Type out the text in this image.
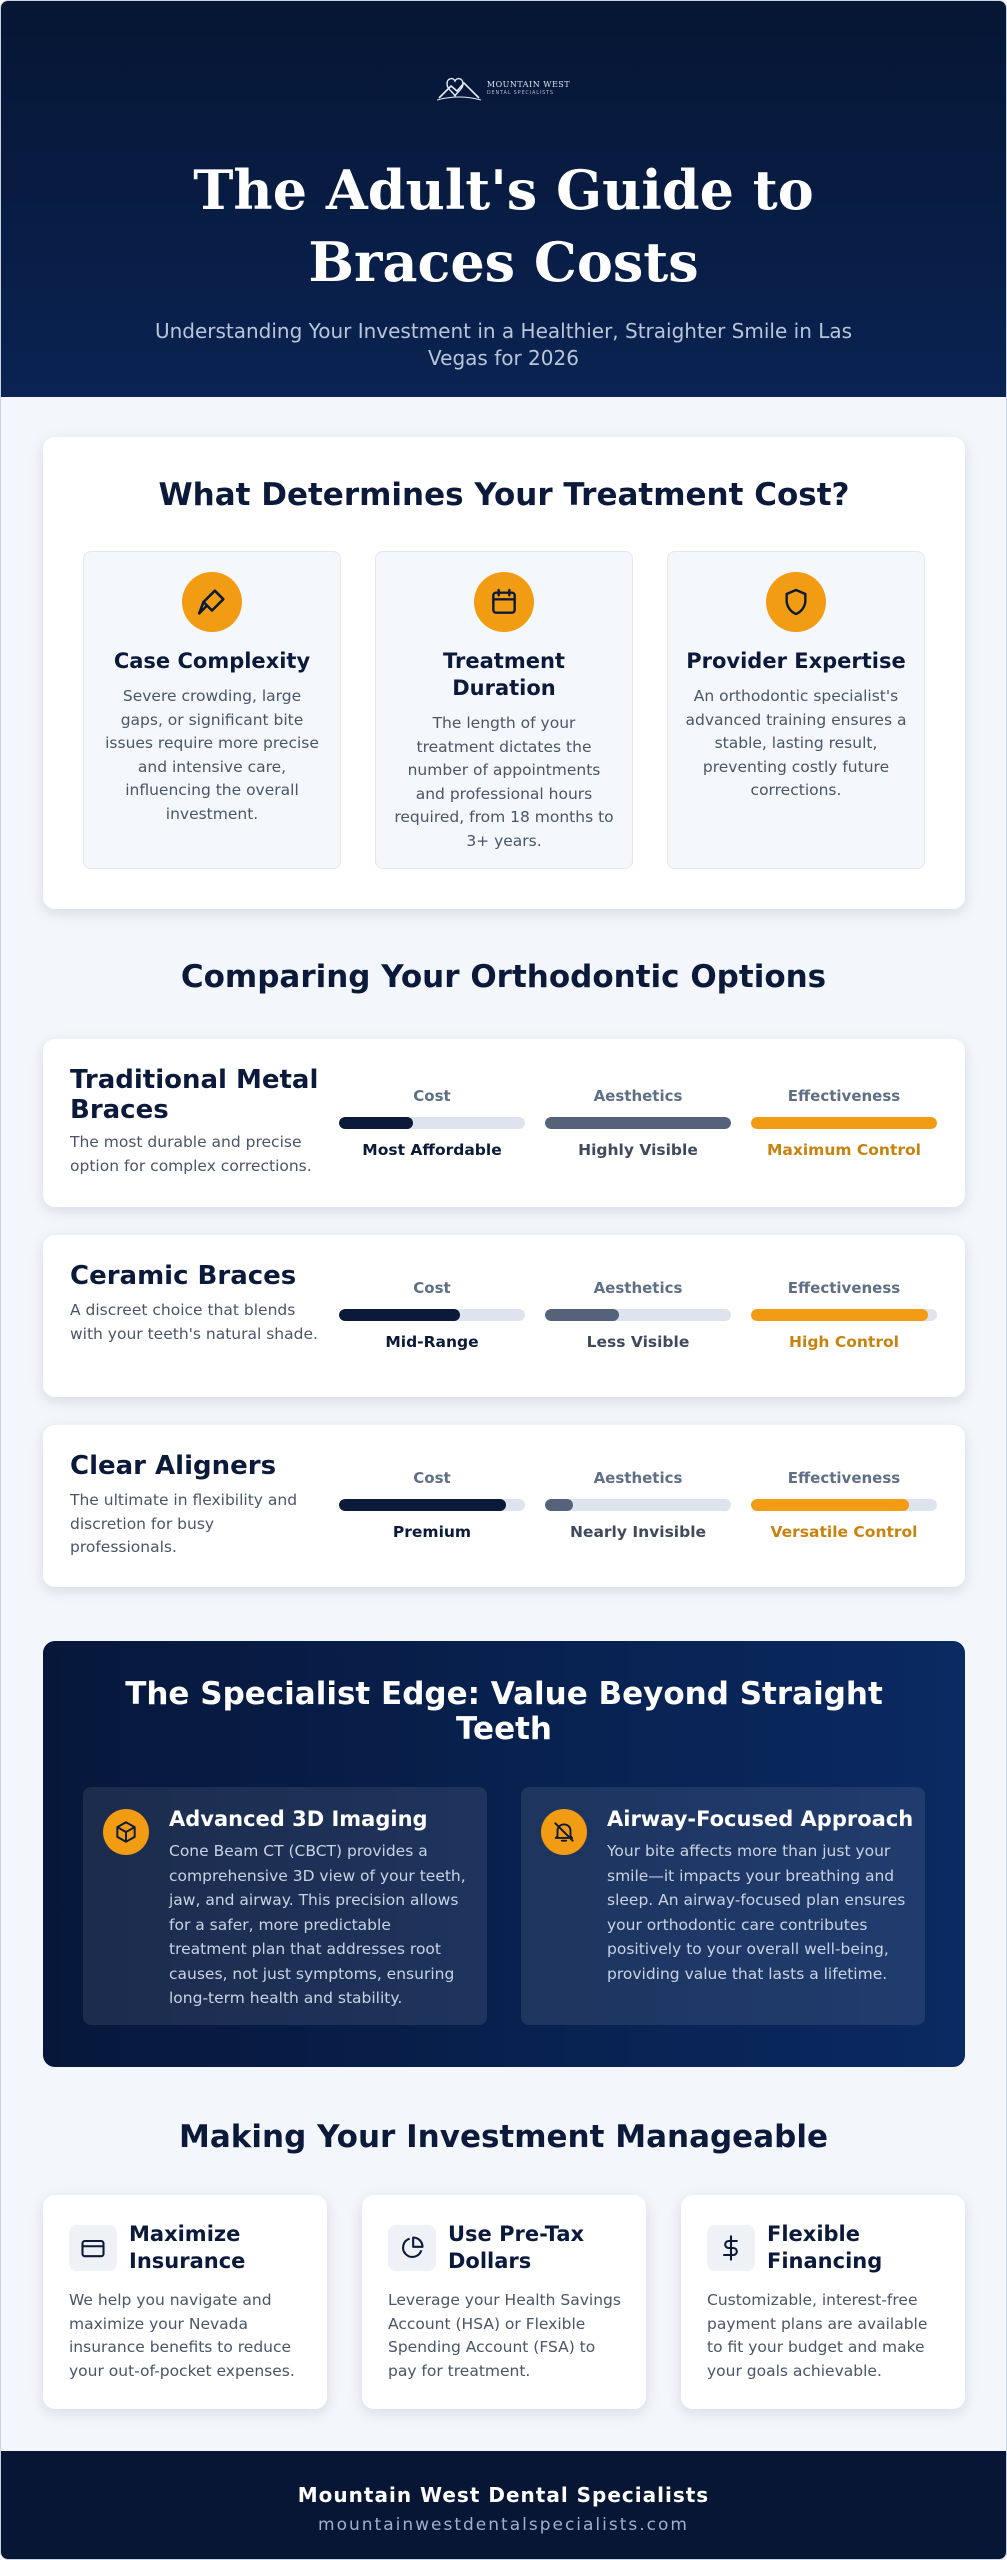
MOUNTAIN WEST
DENTAL SPECIALISTS
The Adult's Guide to Braces Costs

Understanding Your Investment in a Healthier, Straighter Smile in Las Vegas for 2026

What Determines Your Treatment Cost?
Case Complexity

Severe crowding, large gaps, or significant bite issues require more precise and intensive care, influencing the overall investment.

Treatment Duration

The length of your treatment dictates the number of appointments and professional hours required, from 18 months to 3+ years.

Provider Expertise

An orthodontic specialist's advanced training ensures a stable, lasting result, preventing costly future corrections.

Comparing Your Orthodontic Options
Traditional Metal Braces

The most durable and precise option for complex corrections.

Cost
Most Affordable
Aesthetics
Highly Visible
Effectiveness
Maximum Control
Ceramic Braces

A discreet choice that blends with your teeth's natural shade.

Cost
Mid-Range
Aesthetics
Less Visible
Effectiveness
High Control
Clear Aligners

The ultimate in flexibility and discretion for busy professionals.

Cost
Premium
Aesthetics
Nearly Invisible
Effectiveness
Versatile Control
The Specialist Edge: Value Beyond Straight Teeth
Advanced 3D Imaging

Cone Beam CT (CBCT) provides a comprehensive 3D view of your teeth, jaw, and airway. This precision allows for a safer, more predictable treatment plan that addresses root causes, not just symptoms, ensuring long-term health and stability.

Airway-Focused Approach

Your bite affects more than just your smile—it impacts your breathing and sleep. An airway-focused plan ensures your orthodontic care contributes positively to your overall well-being, providing value that lasts a lifetime.

Making Your Investment Manageable
Maximize Insurance

We help you navigate and maximize your Nevada insurance benefits to reduce your out-of-pocket expenses.

Use Pre-Tax Dollars

Leverage your Health Savings Account (HSA) or Flexible Spending Account (FSA) to pay for treatment.

Flexible Financing

Customizable, interest-free payment plans are available to fit your budget and make your goals achievable.

Mountain West Dental Specialists
mountainwestdentalspecialists.com
